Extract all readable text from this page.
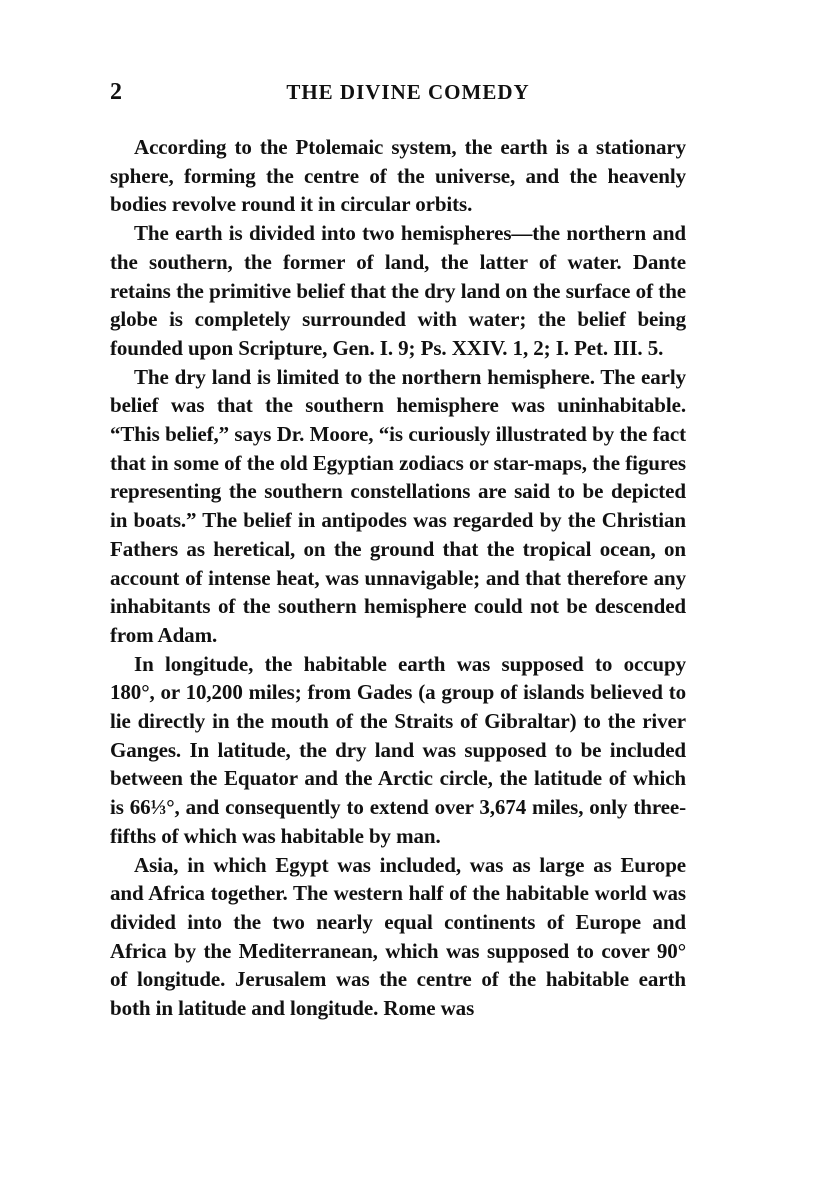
2	THE DIVINE COMEDY

According to the Ptolemaic system, the earth is a stationary sphere, forming the centre of the universe, and the heavenly bodies revolve round it in circular orbits.

The earth is divided into two hemispheres—the northern and the southern, the former of land, the latter of water. Dante retains the primitive belief that the dry land on the surface of the globe is completely surrounded with water; the belief being founded upon Scripture, Gen. I. 9; Ps. XXIV. 1, 2; I. Pet. III. 5.

The dry land is limited to the northern hemisphere. The early belief was that the southern hemisphere was uninhabitable. “This belief,” says Dr. Moore, “is curiously illustrated by the fact that in some of the old Egyptian zodiacs or star-maps, the figures representing the southern constellations are said to be depicted in boats.” The belief in antipodes was regarded by the Christian Fathers as heretical, on the ground that the tropical ocean, on account of intense heat, was unnavigable; and that therefore any inhabitants of the southern hemisphere could not be descended from Adam.

In longitude, the habitable earth was supposed to occupy 180°, or 10,200 miles; from Gades (a group of islands believed to lie directly in the mouth of the Straits of Gibraltar) to the river Ganges. In latitude, the dry land was supposed to be included between the Equator and the Arctic circle, the latitude of which is 66⅓°, and consequently to extend over 3,674 miles, only three-fifths of which was habitable by man.

Asia, in which Egypt was included, was as large as Europe and Africa together. The western half of the habitable world was divided into the two nearly equal continents of Europe and Africa by the Mediterranean, which was supposed to cover 90° of longitude. Jerusalem was the centre of the habitable earth both in latitude and longitude. Rome was
